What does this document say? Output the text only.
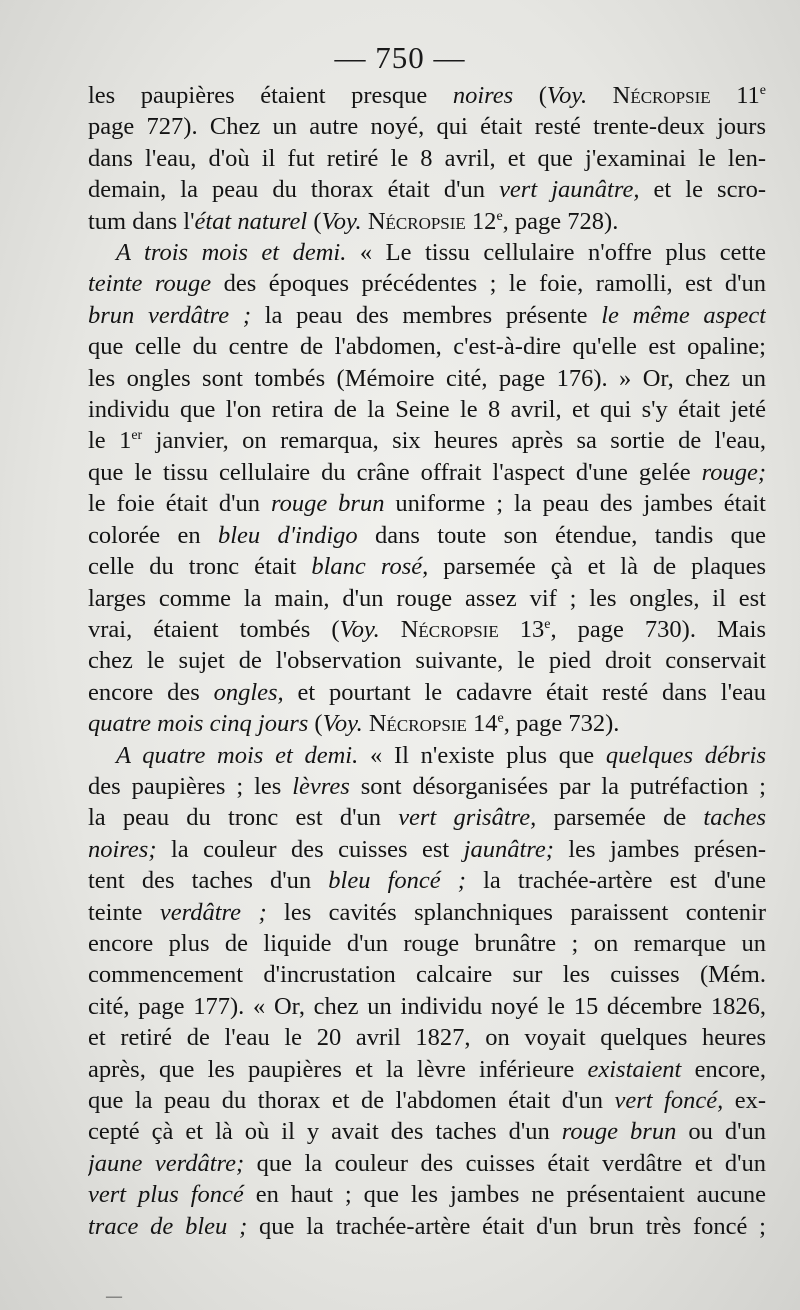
— 750 —
les paupières étaient presque noires (Voy. Nécropsie 11e
page 727). Chez un autre noyé, qui était resté trente-deux jours
dans l'eau, d'où il fut retiré le 8 avril, et que j'examinai le len-
demain, la peau du thorax était d'un vert jaunâtre, et le scro-
tum dans l'état naturel (Voy. Nécropsie 12e, page 728).
A trois mois et demi. « Le tissu cellulaire n'offre plus cette
teinte rouge des époques précédentes ; le foie, ramolli, est d'un
brun verdâtre ; la peau des membres présente le même aspect
que celle du centre de l'abdomen, c'est-à-dire qu'elle est opaline;
les ongles sont tombés (Mémoire cité, page 176). » Or, chez un
individu que l'on retira de la Seine le 8 avril, et qui s'y était jeté
le 1er janvier, on remarqua, six heures après sa sortie de l'eau,
que le tissu cellulaire du crâne offrait l'aspect d'une gelée rouge;
le foie était d'un rouge brun uniforme ; la peau des jambes était
colorée en bleu d'indigo dans toute son étendue, tandis que
celle du tronc était blanc rosé, parsemée çà et là de plaques
larges comme la main, d'un rouge assez vif ; les ongles, il est
vrai, étaient tombés (Voy. Nécropsie 13e, page 730). Mais
chez le sujet de l'observation suivante, le pied droit conservait
encore des ongles, et pourtant le cadavre était resté dans l'eau
quatre mois cinq jours (Voy. Nécropsie 14e, page 732).
A quatre mois et demi. « Il n'existe plus que quelques débris
des paupières ; les lèvres sont désorganisées par la putréfaction ;
la peau du tronc est d'un vert grisâtre, parsemée de taches
noires; la couleur des cuisses est jaunâtre; les jambes présen-
tent des taches d'un bleu foncé ; la trachée-artère est d'une
teinte verdâtre ; les cavités splanchniques paraissent contenir
encore plus de liquide d'un rouge brunâtre ; on remarque un
commencement d'incrustation calcaire sur les cuisses (Mém.
cité, page 177). « Or, chez un individu noyé le 15 décembre 1826,
et retiré de l'eau le 20 avril 1827, on voyait quelques heures
après, que les paupières et la lèvre inférieure existaient encore,
que la peau du thorax et de l'abdomen était d'un vert foncé, ex-
cepté çà et là où il y avait des taches d'un rouge brun ou d'un
jaune verdâtre; que la couleur des cuisses était verdâtre et d'un
vert plus foncé en haut ; que les jambes ne présentaient aucune
trace de bleu ; que la trachée-artère était d'un brun très foncé ;
—
